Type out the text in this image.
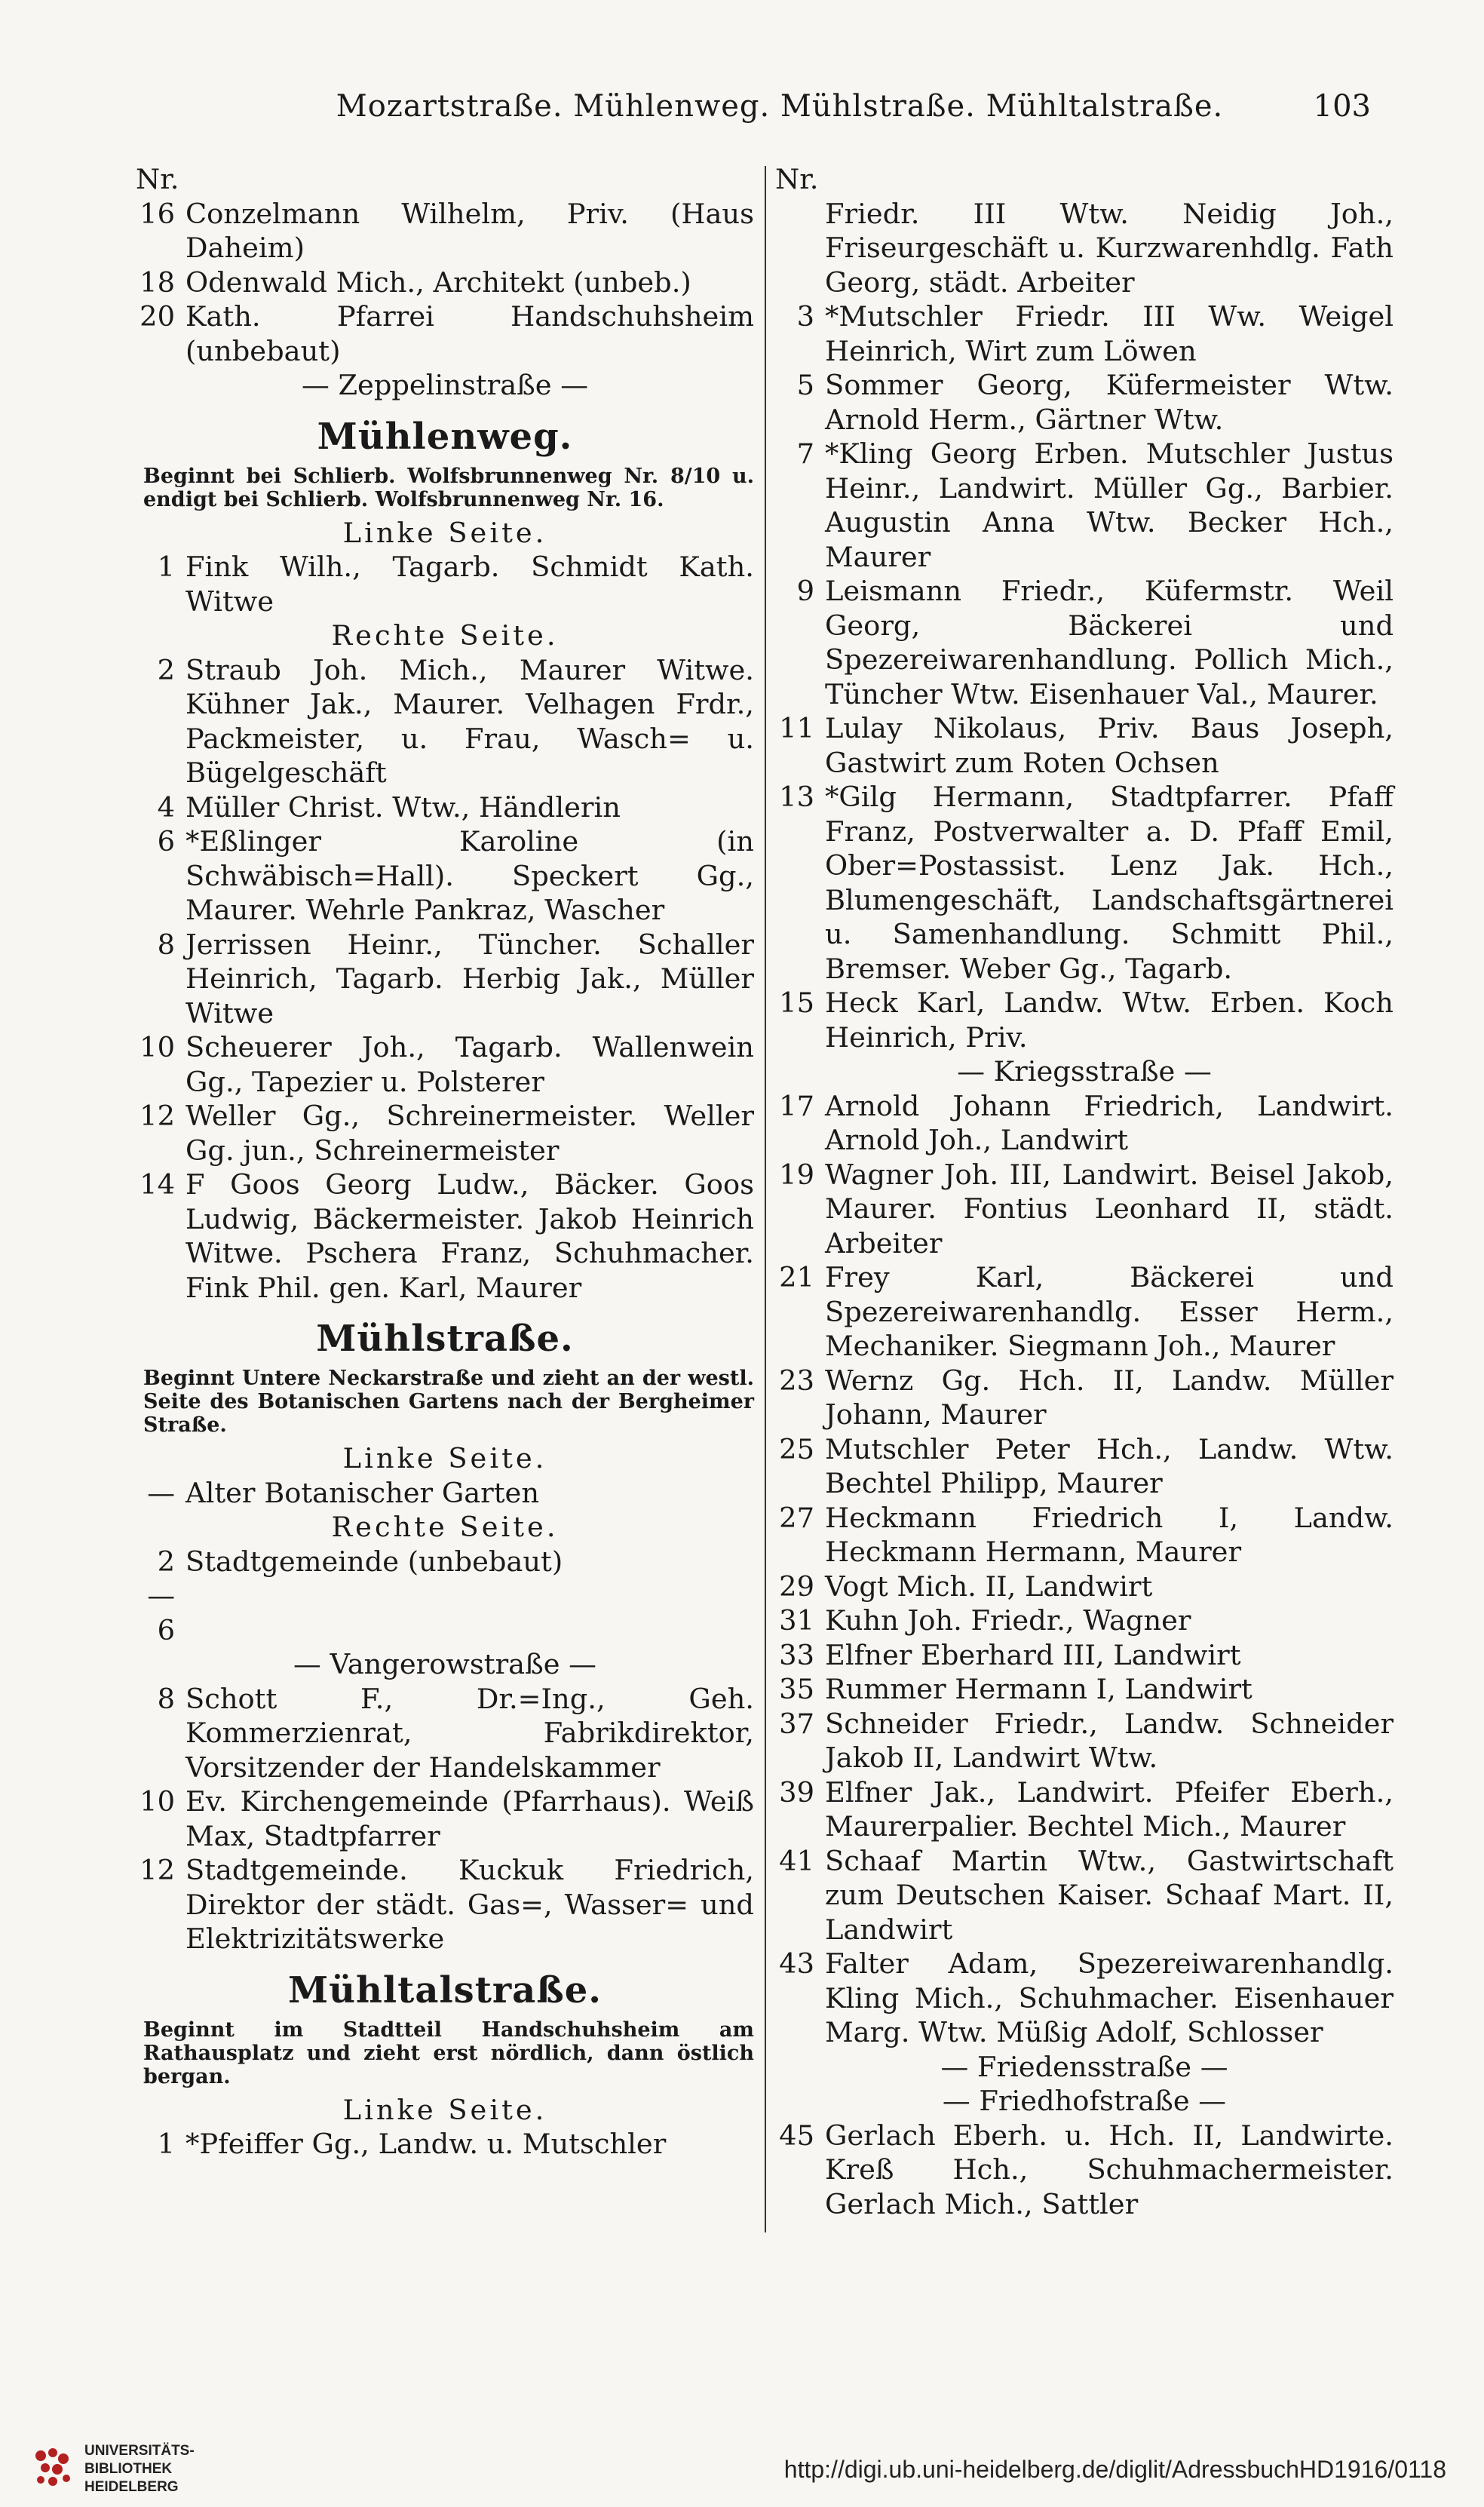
Mozartstraße. Mühlenweg. Mühlstraße. Mühltalstraße.	103
Nr.
16 Conzelmann Wilhelm, Priv. (Haus Daheim)
18 Odenwald Mich., Architekt (unbeb.)
20 Kath. Pfarrei Handschuhsheim (unbebaut)
— Zeppelinstraße —
Mühlenweg.
Beginnt bei Schlierb. Wolfsbrunnenweg Nr. 8/10 u. endigt bei Schlierb. Wolfsbrunnenweg Nr. 16.
Linke Seite.
1 Fink Wilh., Tagarb. Schmidt Kath. Witwe
Rechte Seite.
2 Straub Joh. Mich., Maurer Witwe. Kühner Jak., Maurer. Velhagen Frdr., Packmeister, u. Frau, Wasch= u. Bügelgeschäft
4 Müller Christ. Wtw., Händlerin
6 *Eßlinger Karoline (in Schwäbisch=Hall). Speckert Gg., Maurer. Wehrle Pankraz, Wascher
8 Jerrissen Heinr., Tüncher. Schaller Heinrich, Tagarb. Herbig Jak., Müller Witwe
10 Scheuerer Joh., Tagarb. Wallenwein Gg., Tapezier u. Polsterer
12 Weller Gg., Schreinermeister. Weller Gg. jun., Schreinermeister
14 F Goos Georg Ludw., Bäcker. Goos Ludwig, Bäckermeister. Jakob Heinrich Witwe. Pschera Franz, Schuhmacher. Fink Phil. gen. Karl, Maurer
Mühlstraße.
Beginnt Untere Neckarstraße und zieht an der westl. Seite des Botanischen Gartens nach der Bergheimer Straße.
Linke Seite.
— Alter Botanischer Garten
Rechte Seite.
2—6
Stadtgemeinde (unbebaut)
— Vangerowstraße —
8 Schott F., Dr.=Ing., Geh. Kommerzienrat, Fabrikdirektor, Vorsitzender der Handelskammer
10 Ev. Kirchengemeinde (Pfarrhaus). Weiß Max, Stadtpfarrer
12 Stadtgemeinde. Kuckuk Friedrich, Direktor der städt. Gas=, Wasser= und Elektrizitätswerke
Mühltalstraße.
Beginnt im Stadtteil Handschuhsheim am Rathausplatz und zieht erst nördlich, dann östlich bergan.
Linke Seite.
1 *Pfeiffer Gg., Landw. u. Mutschler
Nr.
Friedr. III Wtw. Neidig Joh., Friseurgeschäft u. Kurzwarenhdlg. Fath Georg, städt. Arbeiter
3 *Mutschler Friedr. III Ww. Weigel Heinrich, Wirt zum Löwen
5 Sommer Georg, Küfermeister Wtw. Arnold Herm., Gärtner Wtw.
7 *Kling Georg Erben. Mutschler Justus Heinr., Landwirt. Müller Gg., Barbier. Augustin Anna Wtw. Becker Hch., Maurer
9 Leismann Friedr., Küfermstr. Weil Georg, Bäckerei und Spezereiwarenhandlung. Pollich Mich., Tüncher Wtw. Eisenhauer Val., Maurer.
11 Lulay Nikolaus, Priv. Baus Joseph, Gastwirt zum Roten Ochsen
13 *Gilg Hermann, Stadtpfarrer. Pfaff Franz, Postverwalter a. D. Pfaff Emil, Ober=Postassist. Lenz Jak. Hch., Blumengeschäft, Landschaftsgärtnerei u. Samenhandlung. Schmitt Phil., Bremser. Weber Gg., Tagarb.
15 Heck Karl, Landw. Wtw. Erben. Koch Heinrich, Priv.
— Kriegsstraße —
17 Arnold Johann Friedrich, Landwirt. Arnold Joh., Landwirt
19 Wagner Joh. III, Landwirt. Beisel Jakob, Maurer. Fontius Leonhard II, städt. Arbeiter
21 Frey Karl, Bäckerei und Spezereiwarenhandlg. Esser Herm., Mechaniker. Siegmann Joh., Maurer
23 Wernz Gg. Hch. II, Landw. Müller Johann, Maurer
25 Mutschler Peter Hch., Landw. Wtw. Bechtel Philipp, Maurer
27 Heckmann Friedrich I, Landw. Heckmann Hermann, Maurer
29 Vogt Mich. II, Landwirt
31 Kuhn Joh. Friedr., Wagner
33 Elfner Eberhard III, Landwirt
35 Rummer Hermann I, Landwirt
37 Schneider Friedr., Landw. Schneider Jakob II, Landwirt Wtw.
39 Elfner Jak., Landwirt. Pfeifer Eberh., Maurerpalier. Bechtel Mich., Maurer
41 Schaaf Martin Wtw., Gastwirtschaft zum Deutschen Kaiser. Schaaf Mart. II, Landwirt
43 Falter Adam, Spezereiwarenhandlg. Kling Mich., Schuhmacher. Eisenhauer Marg. Wtw. Müßig Adolf, Schlosser
— Friedensstraße —
— Friedhofstraße —
45 Gerlach Eberh. u. Hch. II, Landwirte. Kreß Hch., Schuhmachermeister. Gerlach Mich., Sattler
UNIVERSITÄTS-
BIBLIOTHEK
HEIDELBERG
http://digi.ub.uni-heidelberg.de/diglit/AdressbuchHD1916/0118
